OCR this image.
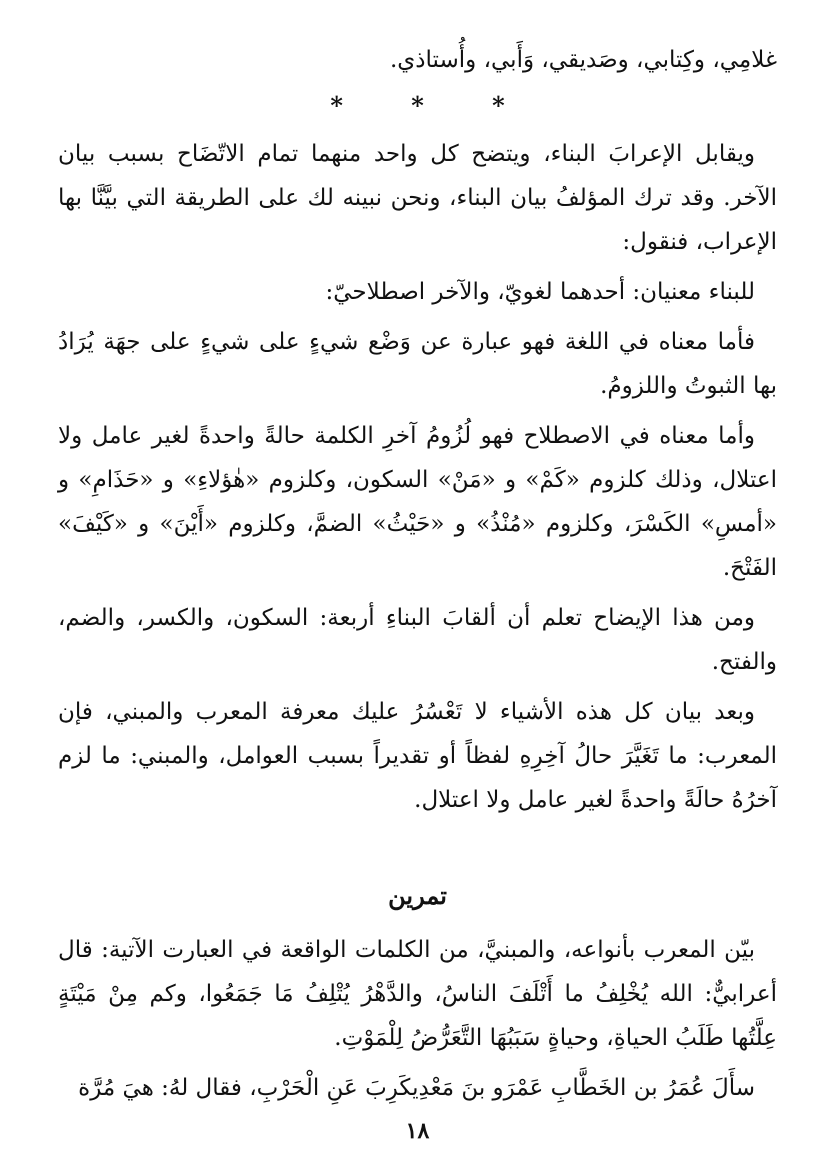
غلامِي، وكِتابي، وصَديقي، وَأَبي، وأُستاذي.

* * *

ويقابل الإعرابَ البناء، ويتضح كل واحد منهما تمام الاتّضَاح بسبب بيان الآخر. وقد ترك المؤلفُ بيان البناء، ونحن نبينه لك على الطريقة التي بيَّنَّا بها الإعراب، فنقول:

للبناء معنيان: أحدهما لغويّ، والآخر اصطلاحيّ:

فأما معناه في اللغة فهو عبارة عن وَضْع شيءٍ على شيءٍ على جهَة يُرَادُ بها الثبوتُ واللزومُ.

وأما معناه في الاصطلاح فهو لُزُومُ آخرِ الكلمة حالةً واحدةً لغير عامل ولا اعتلال، وذلك كلزوم «كَمْ» و «مَنْ» السكون، وكلزوم «هٰؤلاءِ» و «حَذَامِ» و «أمسِ» الكَسْرَ، وكلزوم «مُنْذُ» و «حَيْثُ» الضمَّ، وكلزوم «أَيْنَ» و «كَيْفَ» الفَتْحَ.

ومن هذا الإيضاح تعلم أن ألقابَ البناءِ أربعة: السكون، والكسر، والضم، والفتح.

وبعد بيان كل هذه الأشياء لا تَعْسُرُ عليك معرفة المعرب والمبني، فإن المعرب: ما تَغَيَّرَ حالُ آخِرِهِ لفظاً أو تقديراً بسبب العوامل، والمبني: ما لزم آخرُهُ حالَةً واحدةً لغير عامل ولا اعتلال.

تمرين

بيّن المعرب بأنواعه، والمبنيَّ، من الكلمات الواقعة في العبارت الآتية: قال أعرابيٌّ: الله يُخْلِفُ ما أَتْلَفَ الناسُ، والدَّهْرُ يُتْلِفُ مَا جَمَعُوا، وكم مِنْ مَيْتَةٍ عِلَّتُها طَلَبُ الحياةِ، وحياةٍ سَبَبُهَا التَّعَرُّضُ لِلْمَوْتِ.

سأَلَ عُمَرُ بن الخَطَّابِ عَمْرَو بنَ مَعْدِيكَرِبَ عَنِ الْحَرْبِ، فقال لهُ: هيَ مُرَّة

١٨
